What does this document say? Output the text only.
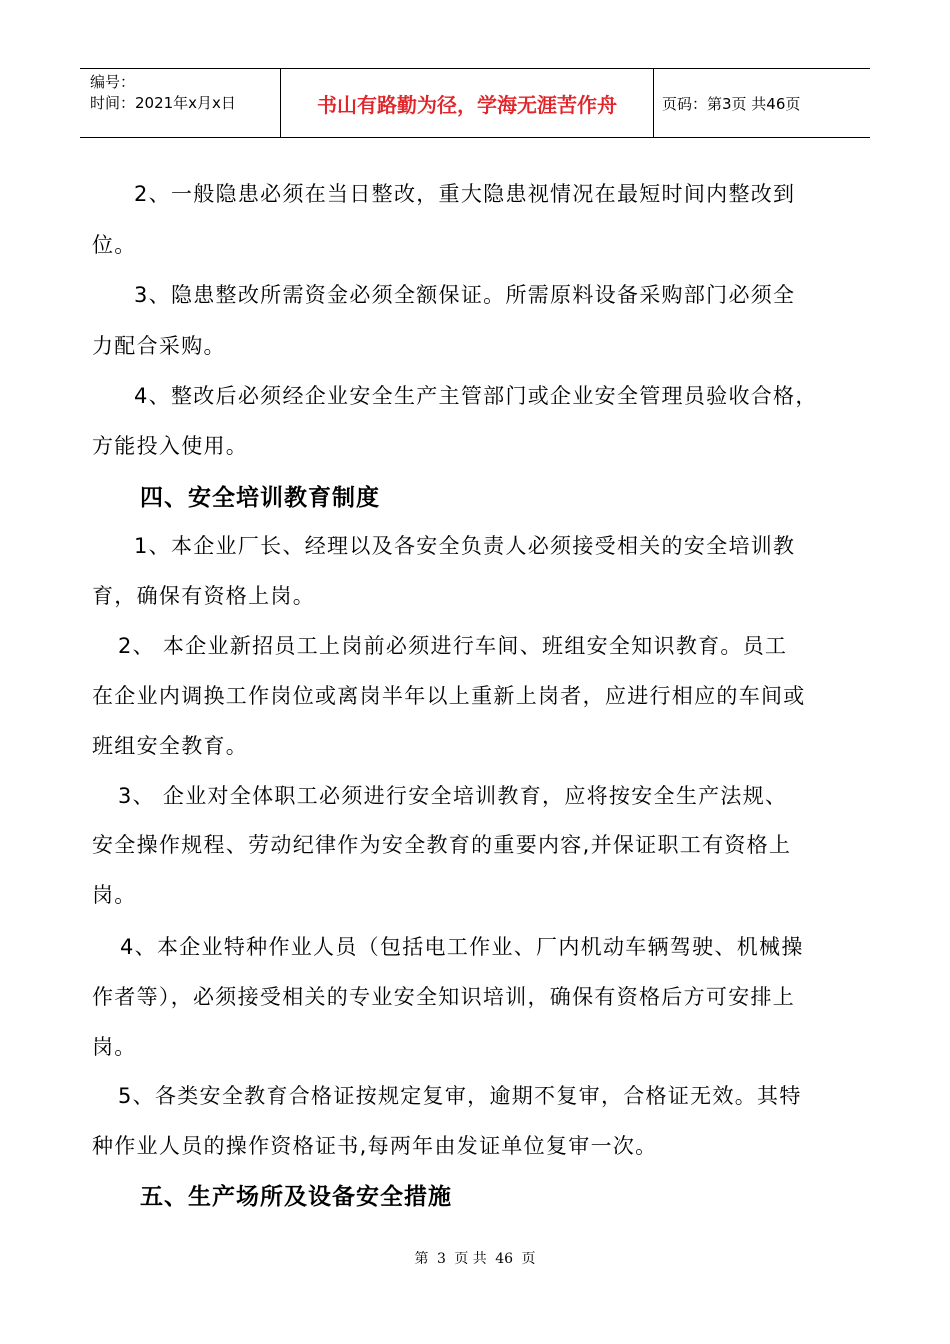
编号：
时间：2021年x月x日	书山有路勤为径，学海无涯苦作舟	页码：第3页 共46页
2、一般隐患必须在当日整改，重大隐患视情况在最短时间内整改到
位。
3、隐患整改所需资金必须全额保证。所需原料设备采购部门必须全
力配合采购。
4、整改后必须经企业安全生产主管部门或企业安全管理员验收合格，
方能投入使用。
四、安全培训教育制度
1、本企业厂长、经理以及各安全负责人必须接受相关的安全培训教
育，确保有资格上岗。
2、 本企业新招员工上岗前必须进行车间、班组安全知识教育。员工
在企业内调换工作岗位或离岗半年以上重新上岗者，应进行相应的车间或
班组安全教育。
3、 企业对全体职工必须进行安全培训教育，应将按安全生产法规、
安全操作规程、劳动纪律作为安全教育的重要内容,并保证职工有资格上
岗。
4、本企业特种作业人员（包括电工作业、厂内机动车辆驾驶、机械操
作者等），必须接受相关的专业安全知识培训，确保有资格后方可安排上
岗。
5、各类安全教育合格证按规定复审，逾期不复审，合格证无效。其特
种作业人员的操作资格证书,每两年由发证单位复审一次。
五、生产场所及设备安全措施
第 3 页 共 46 页
